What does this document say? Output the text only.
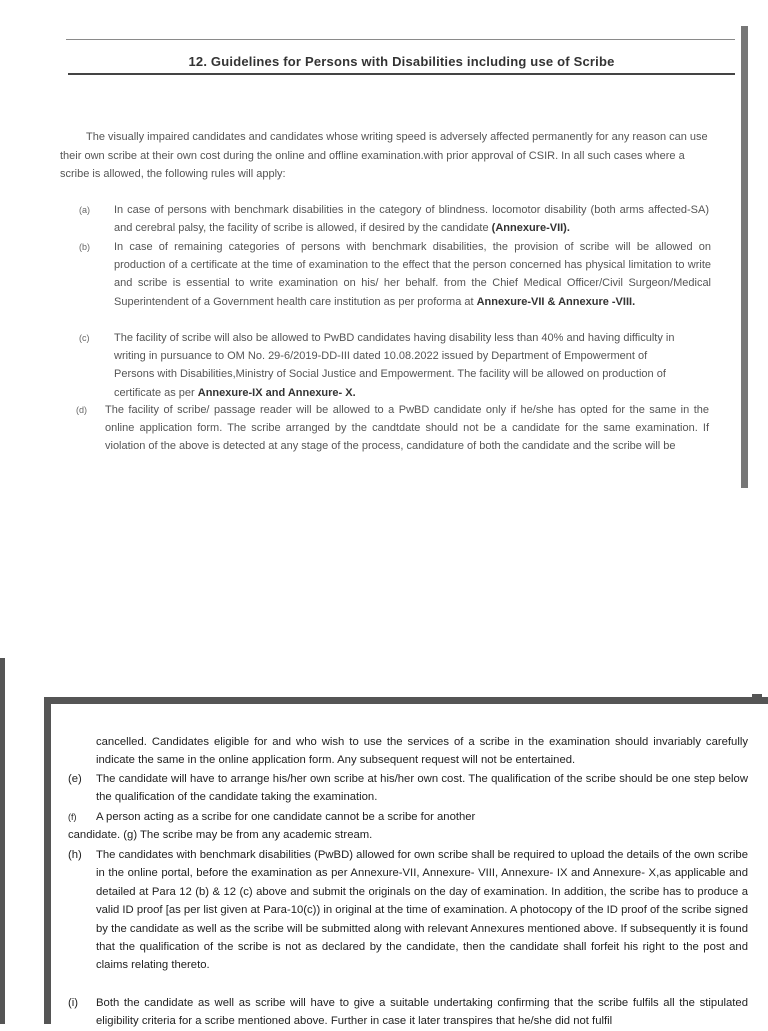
12. Guidelines for Persons with Disabilities including use of Scribe
The visually impaired candidates and candidates whose writing speed is adversely affected permanently for any reason can use their own scribe at their own cost during the online and offline examination.with prior approval of CSIR. In all such cases where a scribe is allowed, the following rules will apply:
(a) In case of persons with benchmark disabilities in the category of blindness. locomotor disability (both arms affected-SA) and cerebral palsy, the facility of scribe is allowed, if desired by the candidate (Annexure-VII).
(b) In case of remaining categories of persons with benchmark disabilities, the provision of scribe will be allowed on production of a certificate at the time of examination to the effect that the person concerned has physical limitation to write and scribe is essential to write examination on his/ her behalf. from the Chief Medical Officer/Civil Surgeon/Medical Superintendent of a Government health care institution as per proforma at Annexure-VII & Annexure -VIII.
(c) The facility of scribe will also be allowed to PwBD candidates having disability less than 40% and having difficulty in writing in pursuance to OM No. 29-6/2019-DD-III dated 10.08.2022 issued by Department of Empowerment of Persons with Disabilities,Ministry of Social Justice and Empowerment. The facility will be allowed on production of certificate as per Annexure-IX and Annexure- X.
(d) The facility of scribe/ passage reader will be allowed to a PwBD candidate only if he/she has opted for the same in the online application form. The scribe arranged by the candtdate should not be a candidate for the same examination. If violation of the above is detected at any stage of the process, candidature of both the candidate and the scribe will be
cancelled. Candidates eligible for and who wish to use the services of a scribe in the examination should invariably carefully indicate the same in the online application form. Any subsequent request will not be entertained.
(e) The candidate will have to arrange his/her own scribe at his/her own cost. The qualification of the scribe should be one step below the qualification of the candidate taking the examination.
(f) A person acting as a scribe for one candidate cannot be a scribe for another
candidate. (g) The scribe may be from any academic stream.
(h) The candidates with benchmark disabilities (PwBD) allowed for own scribe shall be required to upload the details of the own scribe in the online portal, before the examination as per Annexure-VII, Annexure- VIII, Annexure- IX and Annexure- X,as applicable and detailed at Para 12 (b) & 12 (c) above and submit the originals on the day of examination. In addition, the scribe has to produce a valid ID proof [as per list given at Para-10(c)) in original at the time of examination. A photocopy of the ID proof of the scribe signed by the candidate as well as the scribe will be submitted along with relevant Annexures mentioned above. If subsequently it is found that the qualification of the scribe is not as declared by the candidate, then the candidate shall forfeit his right to the post and claims relating thereto.
(i) Both the candidate as well as scribe will have to give a suitable undertaking confirming that the scribe fulfils all the stipulated eligibility criteria for a scribe mentioned above. Further in case it later transpires that he/she did not fulfil
